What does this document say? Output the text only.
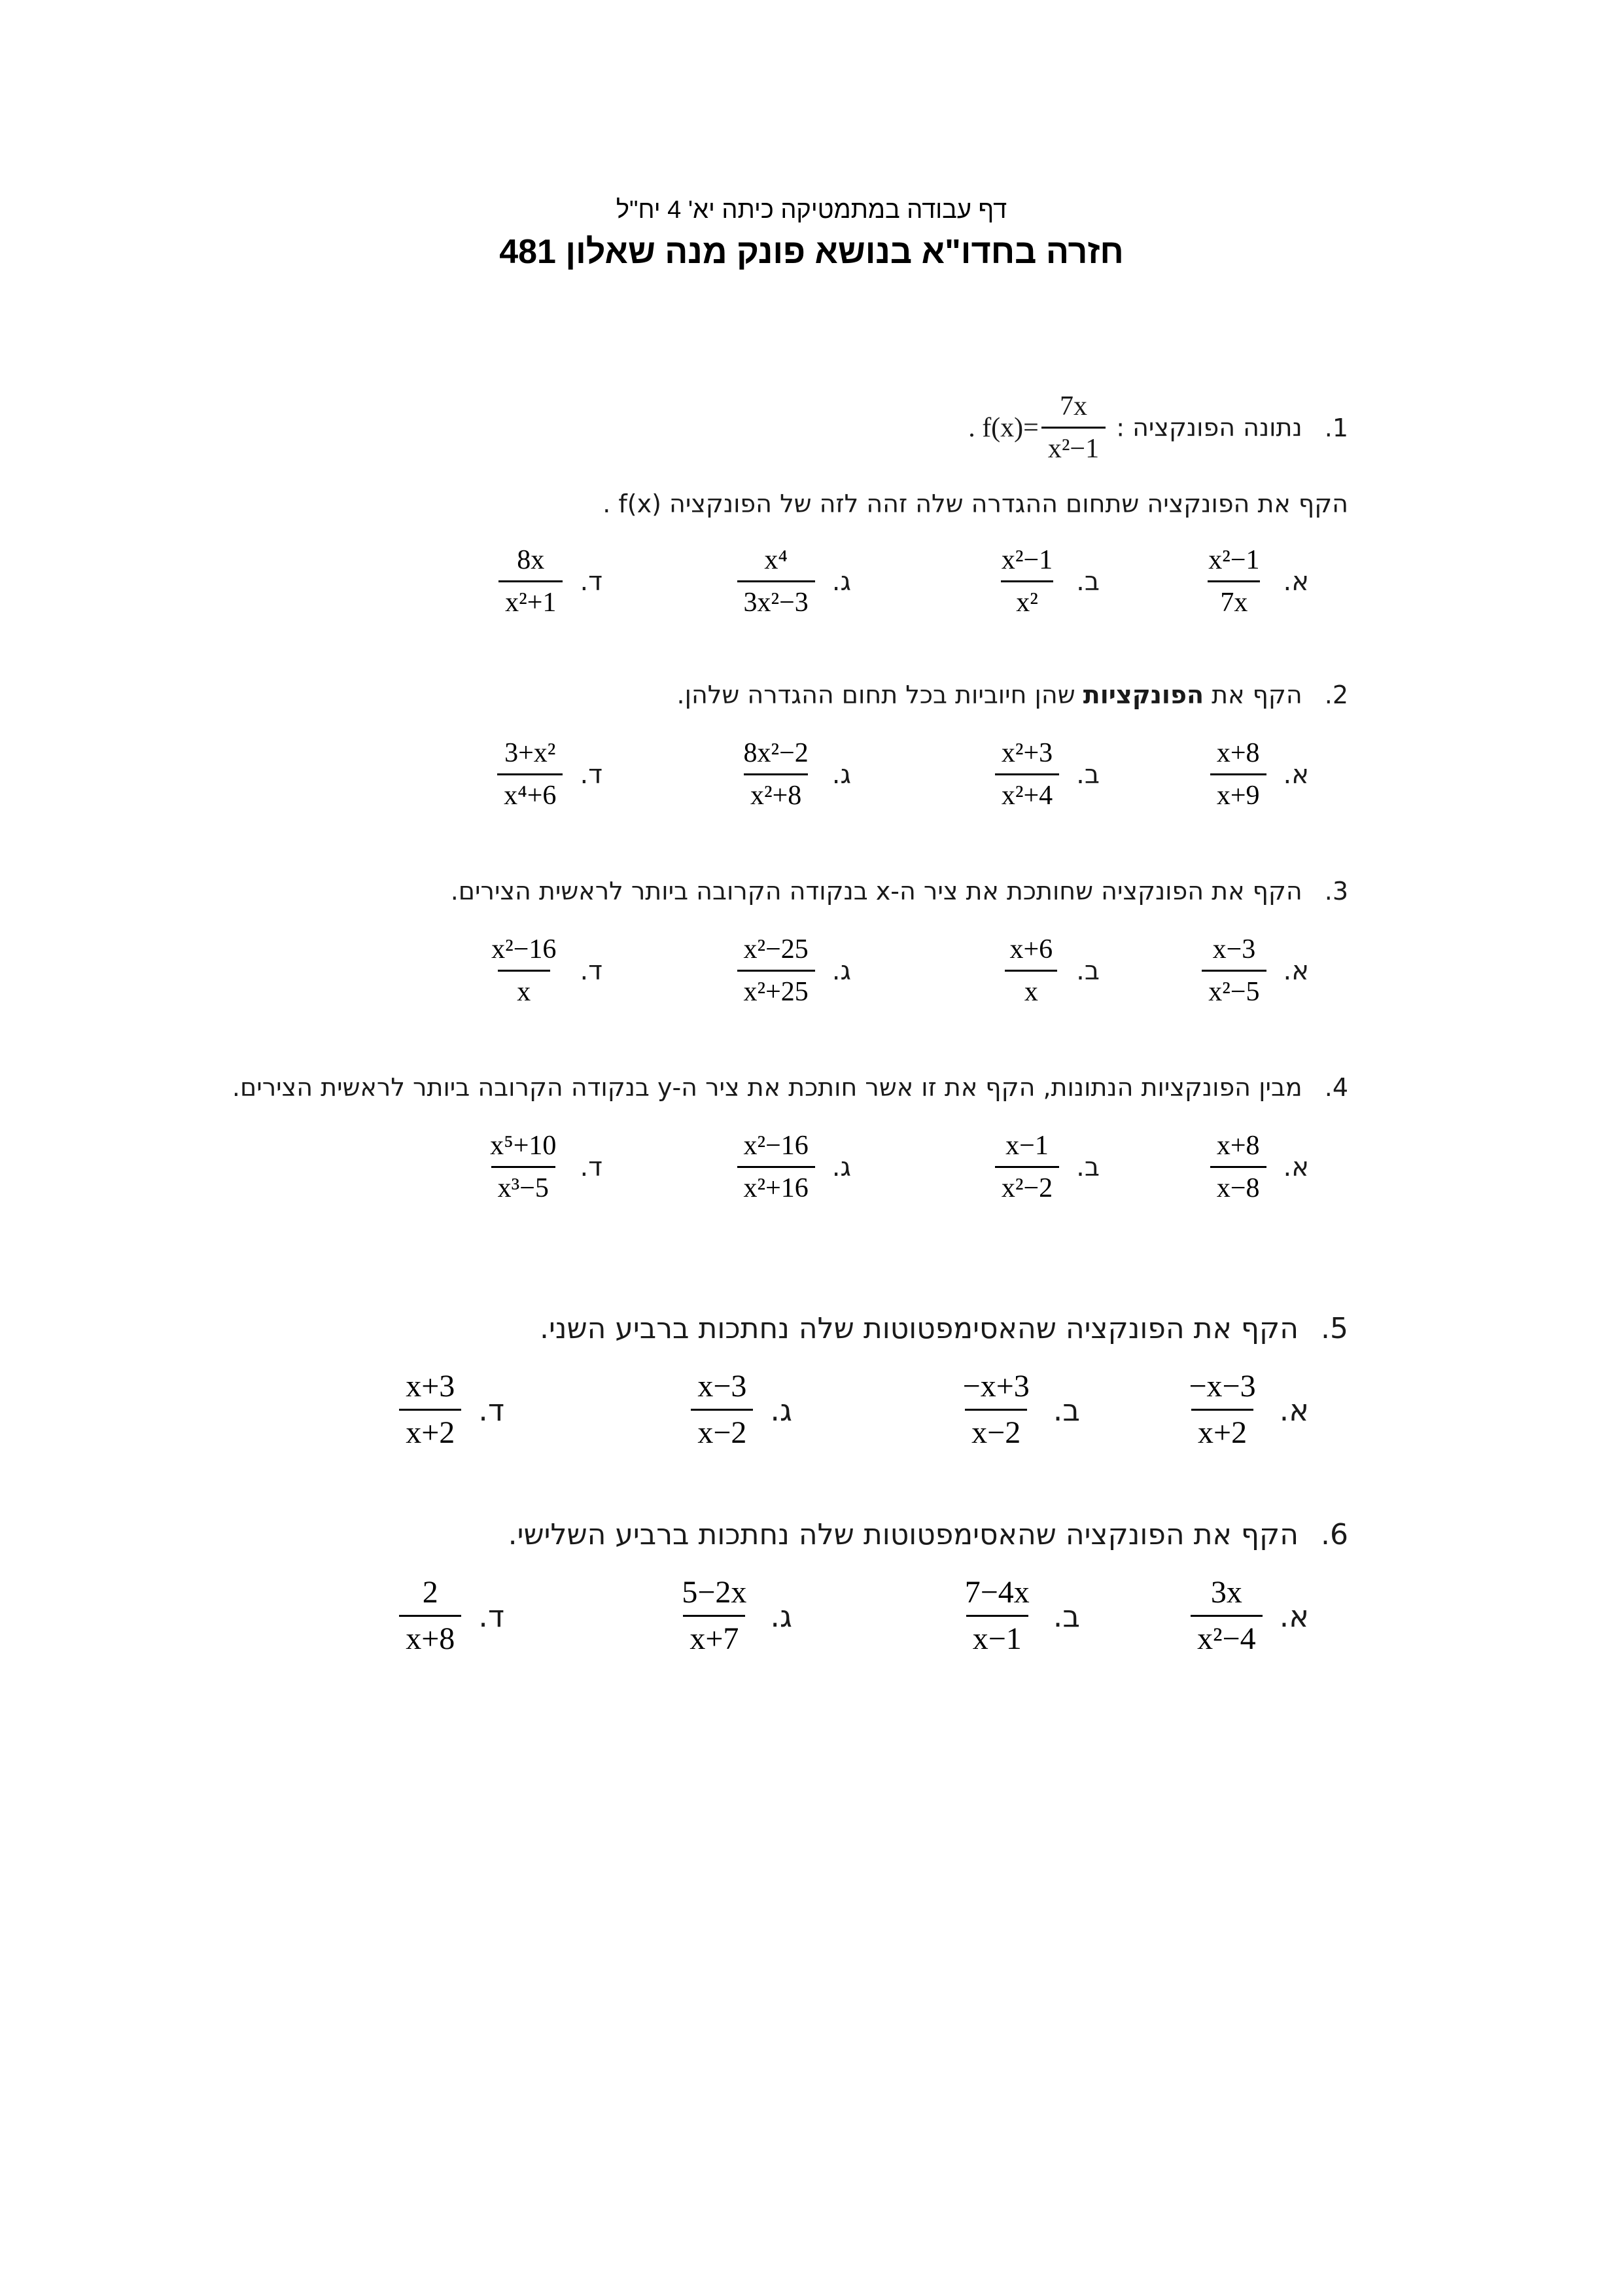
דף עבודה במתמטיקה כיתה יא' 4 יח"ל
חזרה בחדו"א בנושא פונק מנה שאלון 481
1.נתונה הפונקציה :
. $f(x)= \frac{7x}{\text{x²−1}}$
הקף את הפונקציה שתחום ההגדרה שלה זהה לזה של הפונקציה f(x) .
א.
$\frac{\text{x²−1}}{7x}$
ב.
$\frac{\text{x²−1}}{\text{x²}}$
ג.
$\frac{\text{x⁴}}{\text{3x²−3}}$
ד.
$\frac{8x}{\text{x²+1}}$
2.הקף את הפונקציות שהן חיוביות בכל תחום ההגדרה שלהן.
א.
$\frac{x+8}{x+9}$
ב.
$\frac{\text{x²+3}}{\text{x²+4}}$
ג.
$\frac{\text{8x²−2}}{\text{x²+8}}$
ד.
$\frac{\text{3+x²}}{\text{x⁴+6}}$
3.הקף את הפונקציה שחותכת את ציר ה-x בנקודה הקרובה ביותר לראשית הצירים.
א.
$\frac{x-3}{\text{x²−5}}$
ב.
$\frac{x+6}{x}$
ג.
$\frac{\text{x²−25}}{\text{x²+25}}$
ד.
$\frac{\text{x²−16}}{x}$
4.מבין הפונקציות הנתונות, הקף את זו אשר חותכת את ציר ה-y בנקודה הקרובה ביותר לראשית הצירים.
א.
$\frac{x+8}{x-8}$
ב.
$\frac{x-1}{\text{x²−2}}$
ג.
$\frac{\text{x²−16}}{\text{x²+16}}$
ד.
$\frac{\text{x⁵+10}}{\text{x³−5}}$
5.הקף את הפונקציה שהאסימפטוטות שלה נחתכות ברביע השני.
א.
$\frac{-x-3}{x+2}$
ב.
$\frac{-x+3}{x-2}$
ג.
$\frac{x-3}{x-2}$
ד.
$\frac{x+3}{x+2}$
6.הקף את הפונקציה שהאסימפטוטות שלה נחתכות ברביע השלישי.
א.
$\frac{3x}{\text{x²−4}}$
ב.
$\frac{7-4x}{x-1}$
ג.
$\frac{5-2x}{x+7}$
ד.
$\frac{2}{x+8}$
